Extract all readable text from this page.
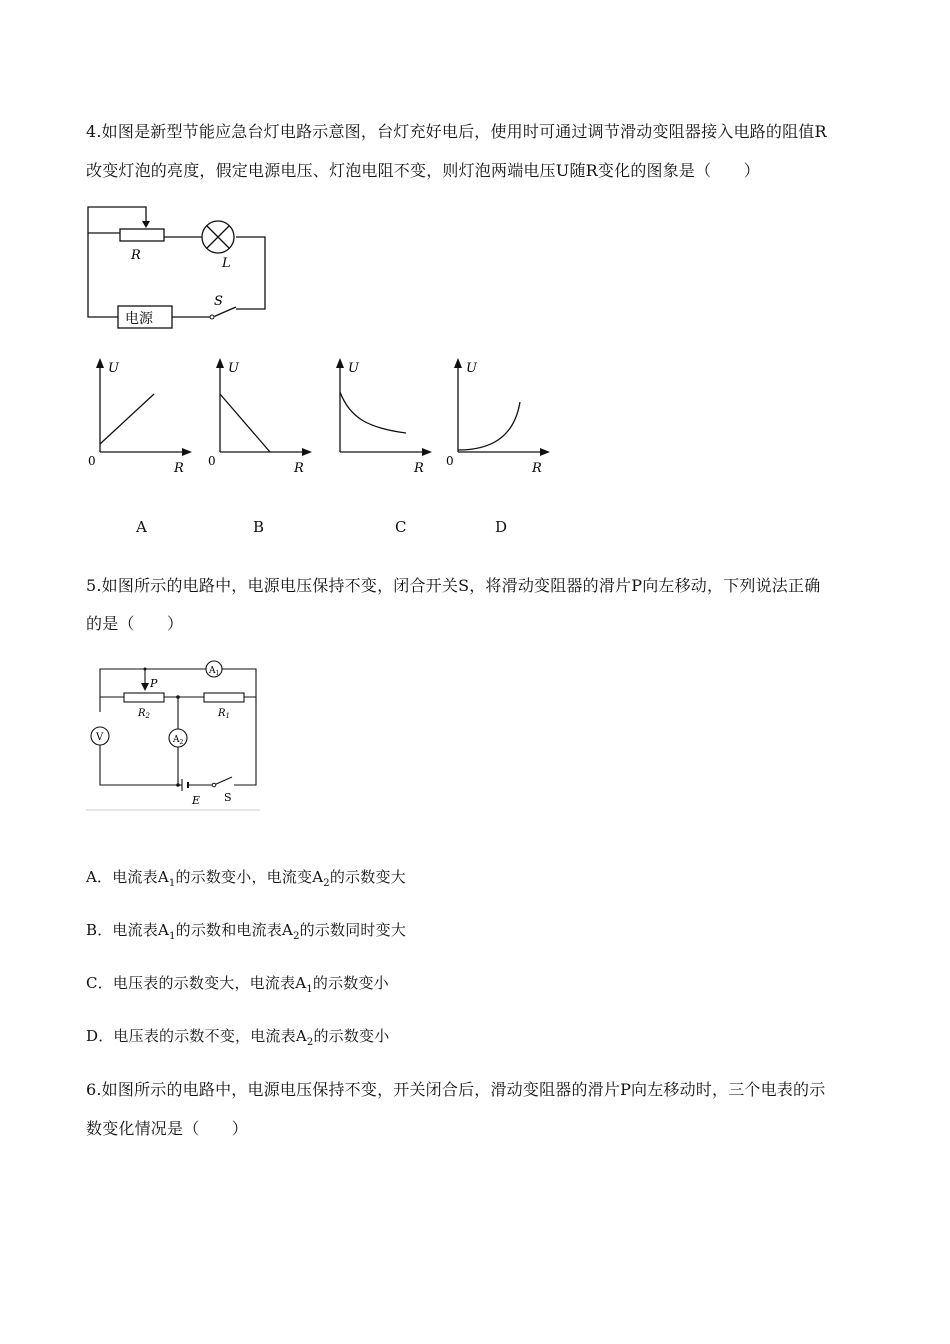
4.如图是新型节能应急台灯电路示意图，台灯充好电后，使用时可通过调节滑动变阻器接入电路的阻值R
改变灯泡的亮度，假定电源电压、灯泡电阻不变，则灯泡两端电压U随R变化的图象是（　　）
R
L
S
电源
U
0	R
U
0	R
U
R
U
0	R
A	B	C	D
5.如图所示的电路中，电源电压保持不变，闭合开关S，将滑动变阻器的滑片P向左移动，下列说法正确
的是（　　）
$A_1$
$A_2$
V
P
$R_2$	$R_1$
E S
A．电流表$A_1$的示数变小，电流变$A_2$的示数变大
B．电流表$A_1$的示数和电流表$A_2$的示数同时变大
C．电压表的示数变大，电流表$A_1$的示数变小
D．电压表的示数不变，电流表$A_2$的示数变小
6.如图所示的电路中，电源电压保持不变，开关闭合后，滑动变阻器的滑片P向左移动时，三个电表的示
数变化情况是（　　）
